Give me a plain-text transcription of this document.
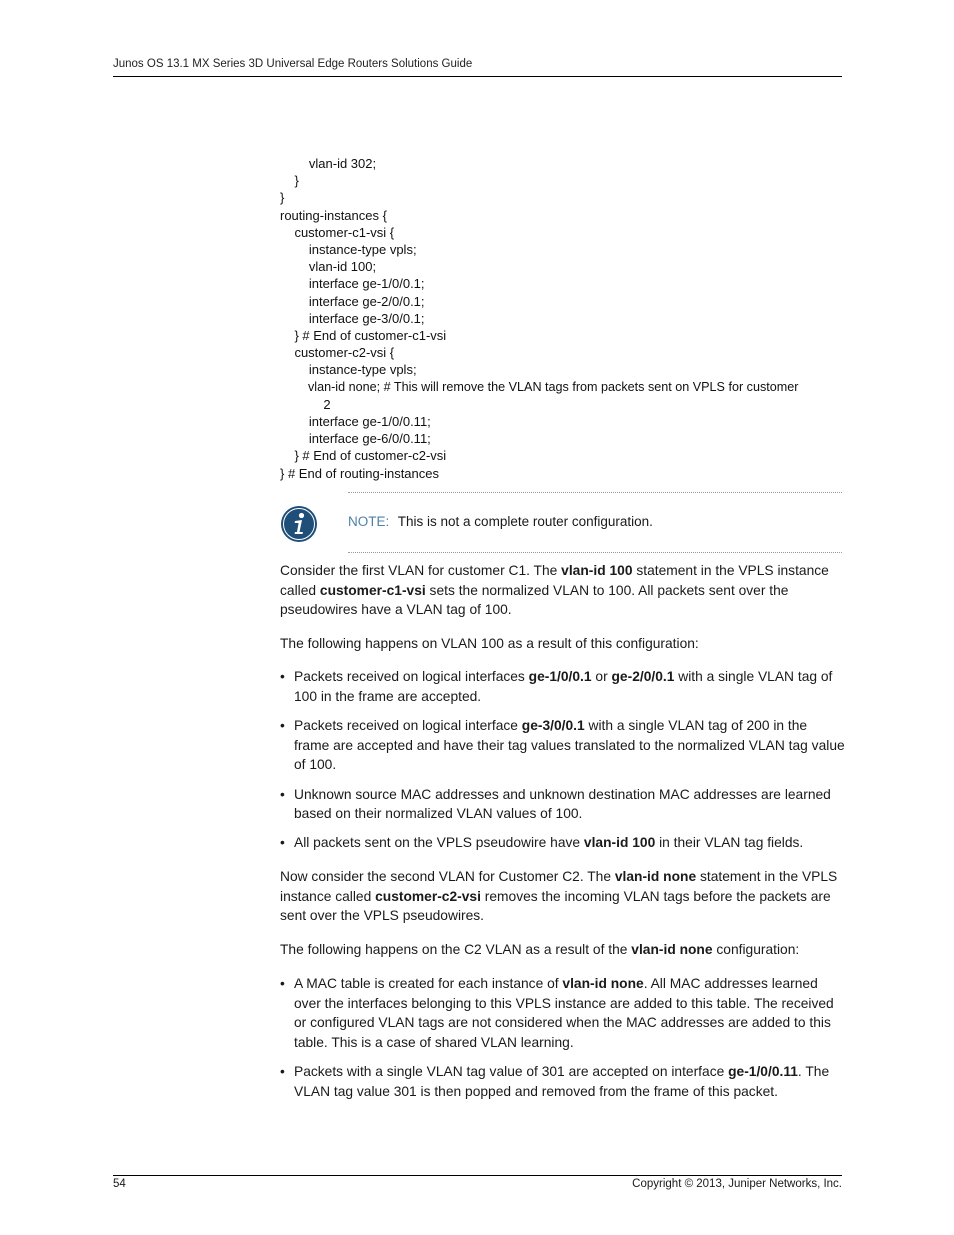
Junos OS 13.1 MX Series 3D Universal Edge Routers Solutions Guide
vlan-id 302;
}
}
routing-instances {
customer-c1-vsi {
instance-type vpls;
vlan-id 100;
interface ge-1/0/0.1;
interface ge-2/0/0.1;
interface ge-3/0/0.1;
} # End of customer-c1-vsi
customer-c2-vsi {
instance-type vpls;
vlan-id none; # This will remove the VLAN tags from packets sent on VPLS for customer
2
interface ge-1/0/0.11;
interface ge-6/0/0.11;
} # End of customer-c2-vsi
} # End of routing-instances
NOTE: This is not a complete router configuration.

Consider the first VLAN for customer C1. The vlan-id 100 statement in the VPLS instance called customer-c1-vsi sets the normalized VLAN to 100. All packets sent over the pseudowires have a VLAN tag of 100.

The following happens on VLAN 100 as a result of this configuration:

• Packets received on logical interfaces ge-1/0/0.1 or ge-2/0/0.1 with a single VLAN tag of 100 in the frame are accepted.
• Packets received on logical interface ge-3/0/0.1 with a single VLAN tag of 200 in the frame are accepted and have their tag values translated to the normalized VLAN tag value of 100.
• Unknown source MAC addresses and unknown destination MAC addresses are learned based on their normalized VLAN values of 100.
• All packets sent on the VPLS pseudowire have vlan-id 100 in their VLAN tag fields.

Now consider the second VLAN for Customer C2. The vlan-id none statement in the VPLS instance called customer-c2-vsi removes the incoming VLAN tags before the packets are sent over the VPLS pseudowires.

The following happens on the C2 VLAN as a result of the vlan-id none configuration:

• A MAC table is created for each instance of vlan-id none. All MAC addresses learned over the interfaces belonging to this VPLS instance are added to this table. The received or configured VLAN tags are not considered when the MAC addresses are added to this table. This is a case of shared VLAN learning.
• Packets with a single VLAN tag value of 301 are accepted on interface ge-1/0/0.11. The VLAN tag value 301 is then popped and removed from the frame of this packet.
54	Copyright © 2013, Juniper Networks, Inc.
